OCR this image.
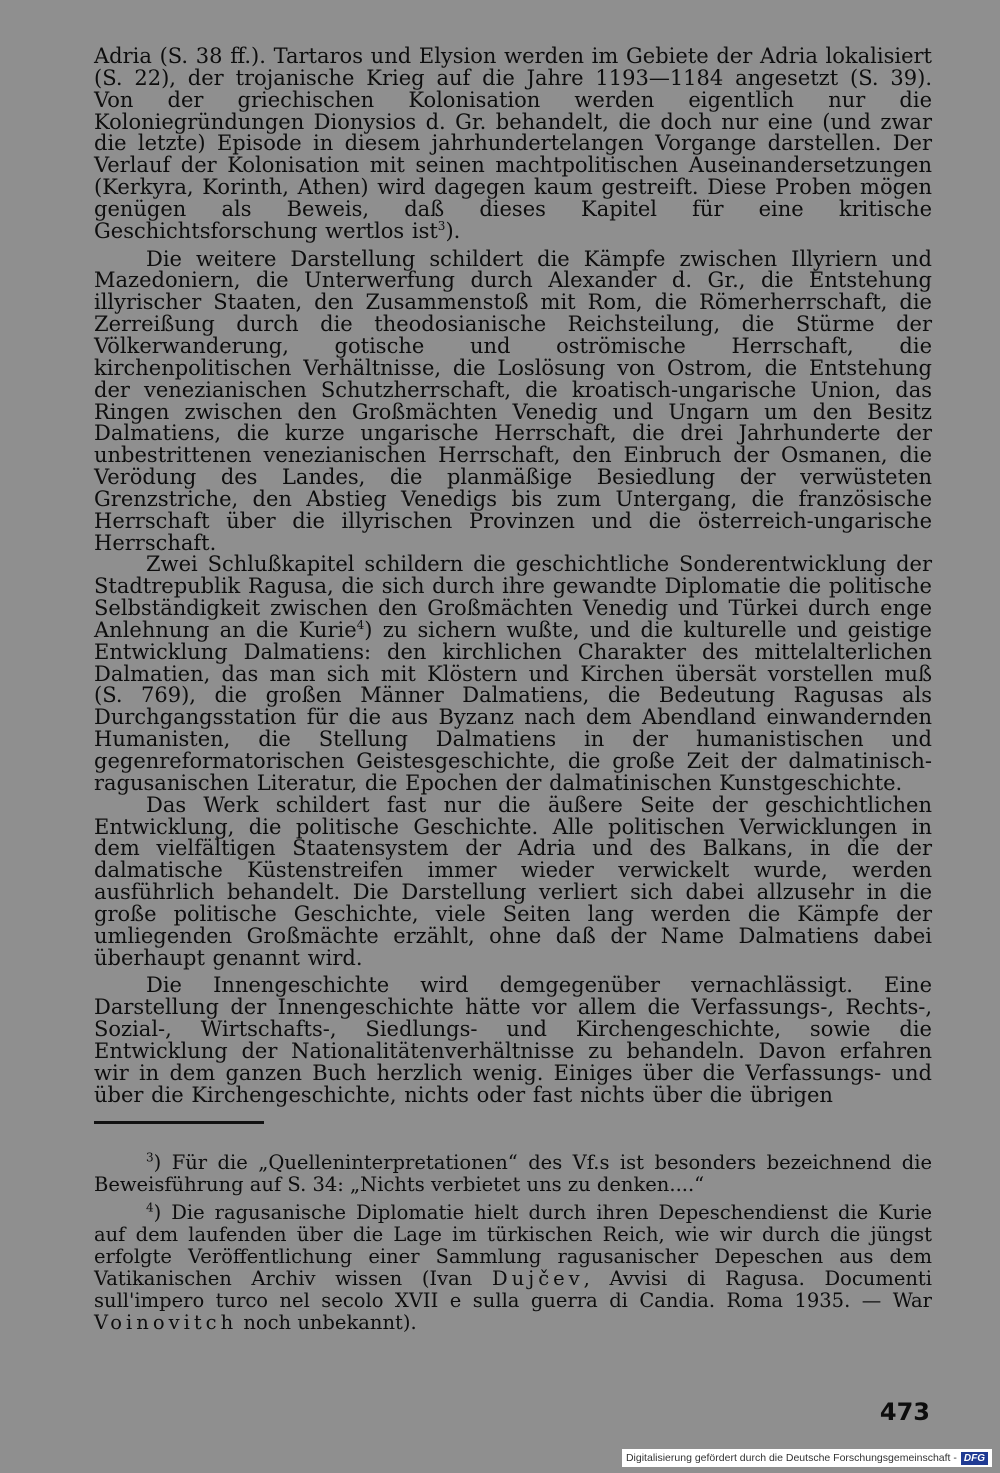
Adria (S. 38 ff.). Tartaros und Elysion werden im Gebiete der Adria lokalisiert (S. 22), der trojanische Krieg auf die Jahre 1193—1184 angesetzt (S. 39). Von der griechischen Kolonisation werden eigentlich nur die Koloniegründungen Dionysios d. Gr. behandelt, die doch nur eine (und zwar die letzte) Episode in diesem jahrhundertelangen Vorgange darstellen. Der Verlauf der Kolonisation mit seinen machtpolitischen Auseinandersetzungen (Kerkyra, Korinth, Athen) wird dagegen kaum gestreift. Diese Proben mögen genügen als Beweis, daß dieses Kapitel für eine kritische Geschichtsforschung wertlos ist$^3$).

Die weitere Darstellung schildert die Kämpfe zwischen Illyriern und Mazedoniern, die Unterwerfung durch Alexander d. Gr., die Entstehung illyrischer Staaten, den Zusammenstoß mit Rom, die Römerherrschaft, die Zerreißung durch die theodosianische Reichsteilung, die Stürme der Völkerwanderung, gotische und oströmische Herrschaft, die kirchenpolitischen Verhältnisse, die Loslösung von Ostrom, die Entstehung der venezianischen Schutzherrschaft, die kroatisch-ungarische Union, das Ringen zwischen den Großmächten Venedig und Ungarn um den Besitz Dalmatiens, die kurze ungarische Herrschaft, die drei Jahrhunderte der unbestrittenen venezianischen Herrschaft, den Einbruch der Osmanen, die Verödung des Landes, die planmäßige Besiedlung der verwüsteten Grenzstriche, den Abstieg Venedigs bis zum Untergang, die französische Herrschaft über die illyrischen Provinzen und die österreich-ungarische Herrschaft.

Zwei Schlußkapitel schildern die geschichtliche Sonderentwicklung der Stadtrepublik Ragusa, die sich durch ihre gewandte Diplomatie die politische Selbständigkeit zwischen den Großmächten Venedig und Türkei durch enge Anlehnung an die Kurie$^4$) zu sichern wußte, und die kulturelle und geistige Entwicklung Dalmatiens: den kirchlichen Charakter des mittelalterlichen Dalmatien, das man sich mit Klöstern und Kirchen übersät vorstellen muß (S. 769), die großen Männer Dalmatiens, die Bedeutung Ragusas als Durchgangsstation für die aus Byzanz nach dem Abendland einwandernden Humanisten, die Stellung Dalmatiens in der humanistischen und gegenreformatorischen Geistesgeschichte, die große Zeit der dalmatinisch-ragusanischen Literatur, die Epochen der dalmatinischen Kunstgeschichte.

Das Werk schildert fast nur die äußere Seite der geschichtlichen Entwicklung, die politische Geschichte. Alle politischen Verwicklungen in dem vielfältigen Staatensystem der Adria und des Balkans, in die der dalmatische Küstenstreifen immer wieder verwickelt wurde, werden ausführlich behandelt. Die Darstellung verliert sich dabei allzusehr in die große politische Geschichte, viele Seiten lang werden die Kämpfe der umliegenden Großmächte erzählt, ohne daß der Name Dalmatiens dabei überhaupt genannt wird.

Die Innengeschichte wird demgegenüber vernachlässigt. Eine Darstellung der Innengeschichte hätte vor allem die Verfassungs-, Rechts-, Sozial-, Wirtschafts-, Siedlungs- und Kirchengeschichte, sowie die Entwicklung der Nationalitätenverhältnisse zu behandeln. Davon erfahren wir in dem ganzen Buch herzlich wenig. Einiges über die Verfassungs- und über die Kirchengeschichte, nichts oder fast nichts über die übrigen

$^3$) Für die „Quelleninterpretationen“ des Vf.s ist besonders bezeichnend die Beweisführung auf S. 34: „Nichts verbietet uns zu denken....“

$^4$) Die ragusanische Diplomatie hielt durch ihren Depeschendienst die Kurie auf dem laufenden über die Lage im türkischen Reich, wie wir durch die jüngst erfolgte Veröffentlichung einer Sammlung ragusanischer Depeschen aus dem Vatikanischen Archiv wissen (Ivan Dujčev, Avvisi di Ragusa. Documenti sull'impero turco nel secolo XVII e sulla guerra di Candia. Roma 1935. — War Voinovitch noch unbekannt).

473
Digitalisierung gefördert durch die Deutsche Forschungsgemeinschaft - DFG
